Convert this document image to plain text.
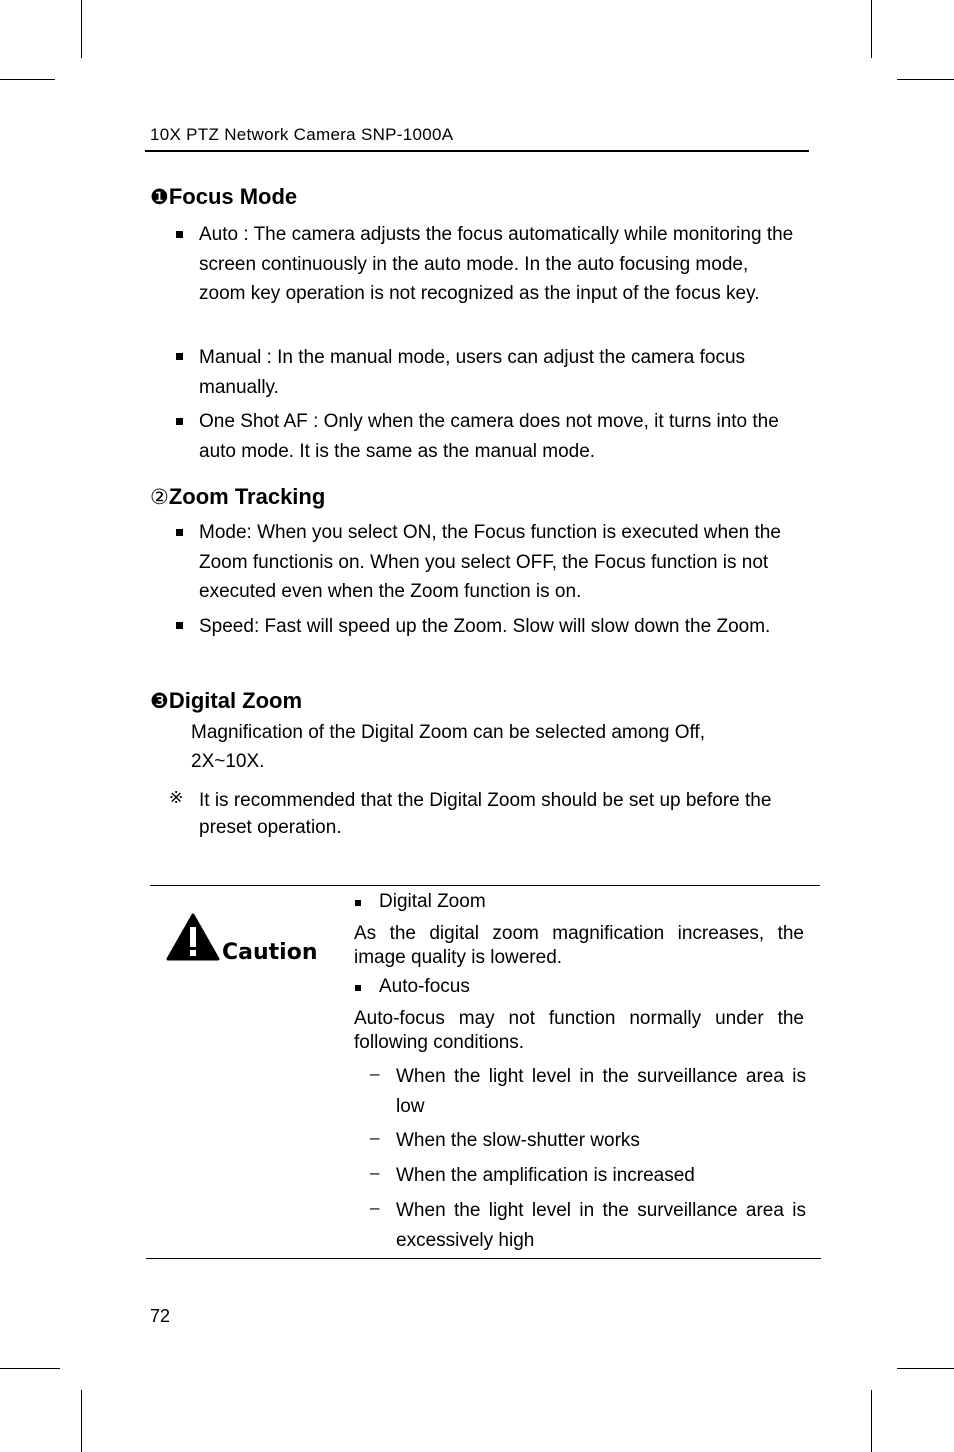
10X PTZ Network Camera SNP-1000A
❶Focus Mode
Auto : The camera adjusts the focus automatically while monitoring the screen continuously in the auto mode. In the auto focusing mode, zoom key operation is not recognized as the input of the focus key.
Manual : In the manual mode, users can adjust the camera focus manually.
One Shot AF : Only when the camera does not move, it turns into the auto mode. It is the same as the manual mode.
②Zoom Tracking
Mode: When you select ON, the Focus function is executed when the Zoom functionis on. When you select OFF, the Focus function is not executed even when the Zoom function is on.
Speed: Fast will speed up the Zoom. Slow will slow down the Zoom.
❸Digital Zoom
Magnification of the Digital Zoom can be selected among Off, 2X~10X.
※ It is recommended that the Digital Zoom should be set up before the preset operation.
Caution
Digital Zoom
As the digital zoom magnification increases, the image quality is lowered.
Auto-focus
Auto-focus may not function normally under the following conditions.
– When the light level in the surveillance area is low
– When the slow-shutter works
– When the amplification is increased
– When the light level in the surveillance area is excessively high
72
